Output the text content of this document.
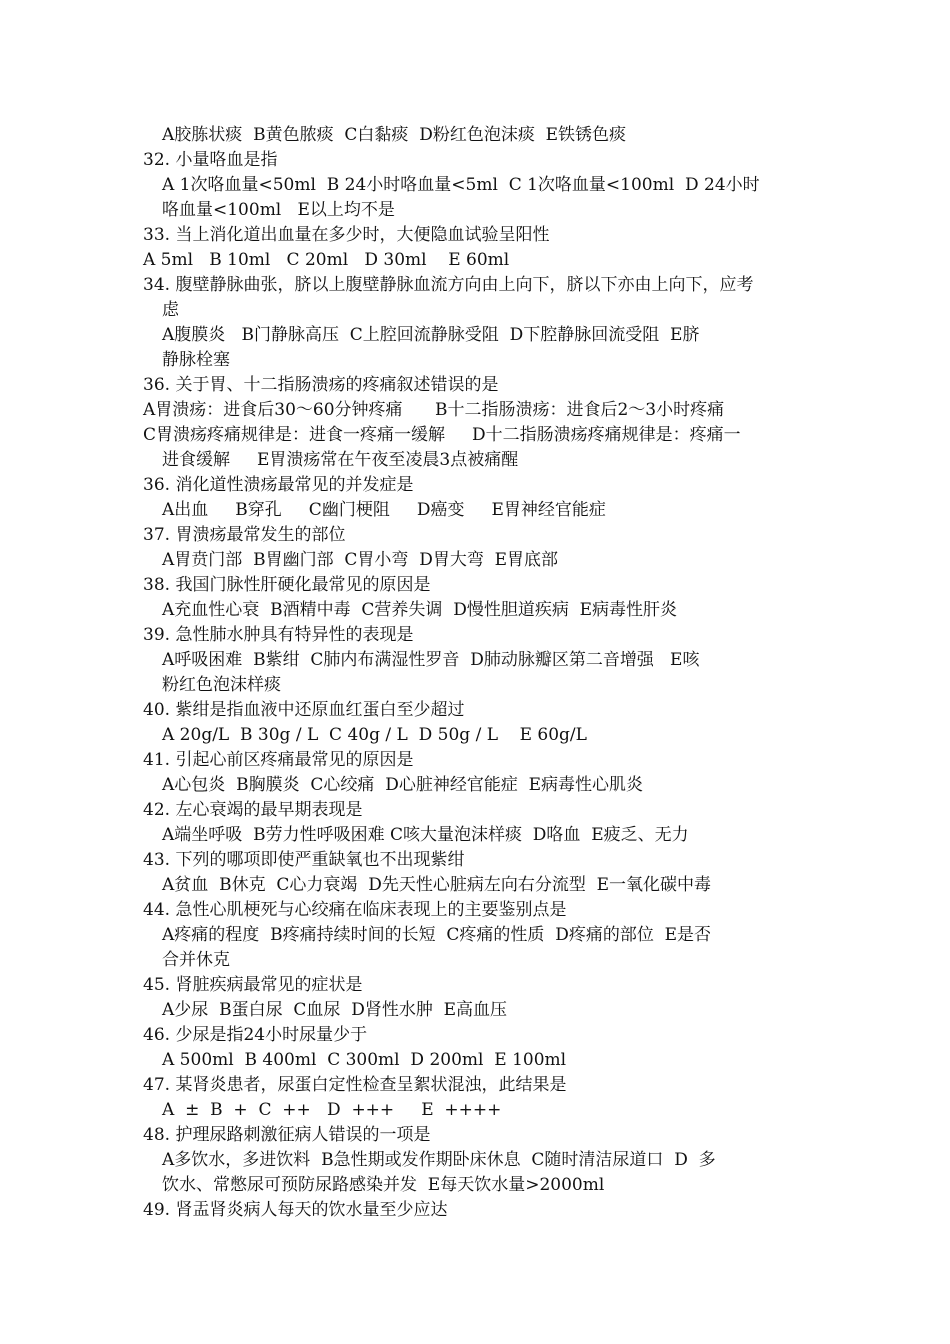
A胶胨状痰  B黄色脓痰  C白黏痰  D粉红色泡沫痰  E铁锈色痰
32. 小量咯血是指
A 1次咯血量<50ml  B 24小时咯血量<5ml  C 1次咯血量<100ml  D 24小时
咯血量<100ml   E以上均不是
33. 当上消化道出血量在多少时，大便隐血试验呈阳性
A 5ml   B 10ml   C 20ml   D 30ml    E 60ml
34. 腹壁静脉曲张，脐以上腹壁静脉血流方向由上向下，脐以下亦由上向下，应考
虑
A腹膜炎   B门静脉高压  C上腔回流静脉受阻  D下腔静脉回流受阻  E脐
静脉栓塞
36. 关于胃、十二指肠溃疡的疼痛叙述错误的是
A胃溃疡：进食后30～60分钟疼痛      B十二指肠溃疡：进食后2～3小时疼痛
C胃溃疡疼痛规律是：进食一疼痛一缓解     D十二指肠溃疡疼痛规律是：疼痛一
进食缓解     E胃溃疡常在午夜至凌晨3点被痛醒
36. 消化道性溃疡最常见的并发症是
A出血     B穿孔     C幽门梗阻     D癌变     E胃神经官能症
37. 胃溃疡最常发生的部位
A胃贲门部  B胃幽门部  C胃小弯  D胃大弯  E胃底部
38. 我国门脉性肝硬化最常见的原因是
A充血性心衰  B酒精中毒  C营养失调  D慢性胆道疾病  E病毒性肝炎
39. 急性肺水肿具有特异性的表现是
A呼吸困难  B紫绀  C肺内布满湿性罗音  D肺动脉瓣区第二音增强   E咳
粉红色泡沫样痰
40. 紫绀是指血液中还原血红蛋白至少超过
A 20g/L  B 30g / L  C 40g / L  D 50g / L    E 60g/L
41. 引起心前区疼痛最常见的原因是
A心包炎  B胸膜炎  C心绞痛  D心脏神经官能症  E病毒性心肌炎
42. 左心衰竭的最早期表现是
A端坐呼吸  B劳力性呼吸困难 C咳大量泡沫样痰  D咯血  E疲乏、无力
43. 下列的哪项即使严重缺氧也不出现紫绀
A贫血  B休克  C心力衰竭  D先天性心脏病左向右分流型  E一氧化碳中毒
44. 急性心肌梗死与心绞痛在临床表现上的主要鉴别点是
A疼痛的程度  B疼痛持续时间的长短  C疼痛的性质  D疼痛的部位  E是否
合并休克
45. 肾脏疾病最常见的症状是
A少尿  B蛋白尿  C血尿  D肾性水肿  E高血压
46. 少尿是指24小时尿量少于
A 500ml  B 400ml  C 300ml  D 200ml  E 100ml
47. 某肾炎患者，尿蛋白定性检查呈絮状混浊，此结果是
A  ±  B  +  C  ++   D  +++     E  ++++
48. 护理尿路刺激征病人错误的一项是
A多饮水，多进饮料  B急性期或发作期卧床休息  C随时清洁尿道口  D  多
饮水、常憋尿可预防尿路感染并发  E每天饮水量>2000ml
49. 肾盂肾炎病人每天的饮水量至少应达
